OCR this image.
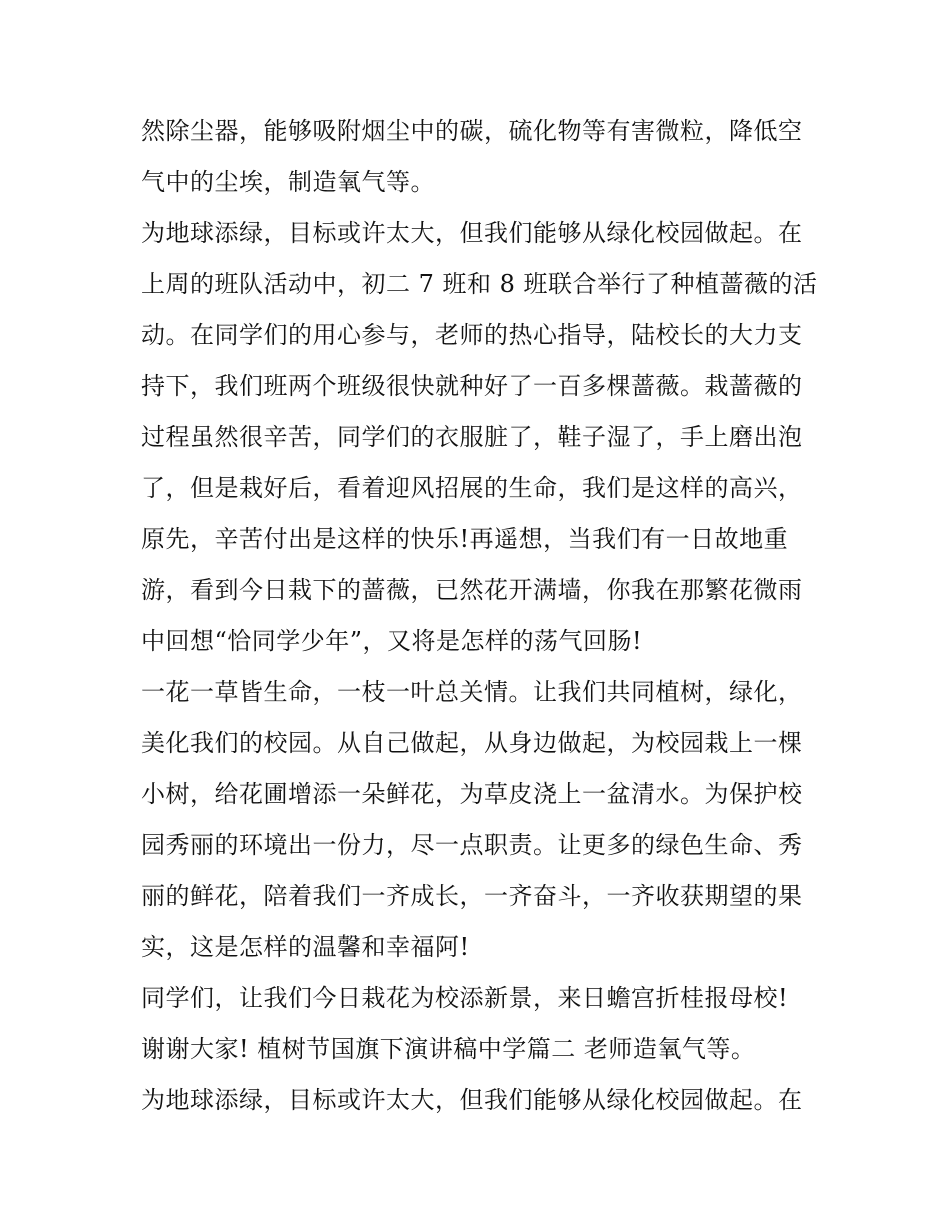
然除尘器，能够吸附烟尘中的碳，硫化物等有害微粒，降低空
气中的尘埃，制造氧气等。
为地球添绿，目标或许太大，但我们能够从绿化校园做起。在
上周的班队活动中，初二 7 班和 8 班联合举行了种植蔷薇的活
动。在同学们的用心参与，老师的热心指导，陆校长的大力支
持下，我们班两个班级很快就种好了一百多棵蔷薇。栽蔷薇的
过程虽然很辛苦，同学们的衣服脏了，鞋子湿了，手上磨出泡
了，但是栽好后，看着迎风招展的生命，我们是这样的高兴，
原先，辛苦付出是这样的快乐!再遥想，当我们有一日故地重
游，看到今日栽下的蔷薇，已然花开满墙，你我在那繁花微雨
中回想“恰同学少年”，又将是怎样的荡气回肠!
一花一草皆生命，一枝一叶总关情。让我们共同植树，绿化，
美化我们的校园。从自己做起，从身边做起，为校园栽上一棵
小树，给花圃增添一朵鲜花，为草皮浇上一盆清水。为保护校
园秀丽的环境出一份力，尽一点职责。让更多的绿色生命、秀
丽的鲜花，陪着我们一齐成长，一齐奋斗，一齐收获期望的果
实，这是怎样的温馨和幸福阿!
同学们，让我们今日栽花为校添新景，来日蟾宫折桂报母校!
谢谢大家! 植树节国旗下演讲稿中学篇二 老师造氧气等。
为地球添绿，目标或许太大，但我们能够从绿化校园做起。在
